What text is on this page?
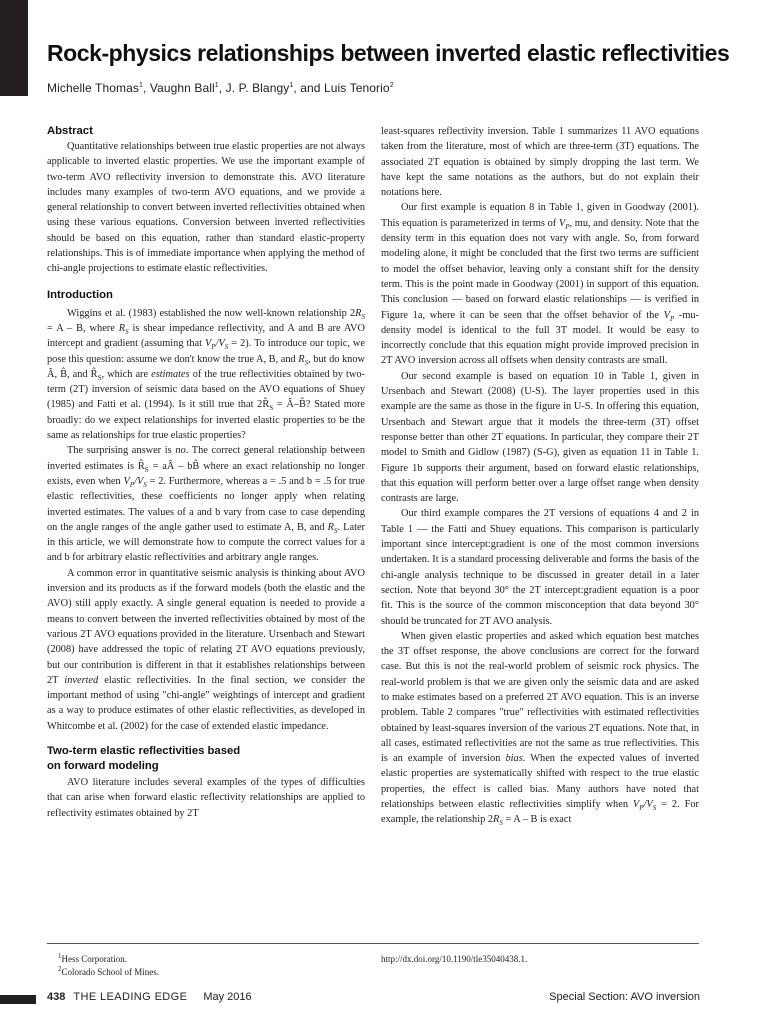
Rock-physics relationships between inverted elastic reflectivities
Michelle Thomas$^1$, Vaughn Ball$^1$, J. P. Blangy$^1$, and Luis Tenorio$^2$
Abstract

Quantitative relationships between true elastic properties are not always applicable to inverted elastic properties. We use the important example of two-term AVO reflectivity inversion to demonstrate this. AVO literature includes many examples of two-term AVO equations, and we provide a general relationship to convert between inverted reflectivities obtained when using these various equations. Conversion between inverted reflectivities should be based on this equation, rather than standard elastic-property relationships. This is of immediate importance when applying the method of chi-angle projections to estimate elastic reflectivities.

Introduction

Wiggins et al. (1983) established the now well-known relationship $2R_S = A - B$, where $R_S$ is shear impedance reflectivity, and A and B are AVO intercept and gradient (assuming that $V_P/V_S = 2$). To introduce our topic, we pose this question: assume we don't know the true A, B, and $R_S$, but do know Â, B̂, and $R̂_S$, which are estimates of the true reflectivities obtained by two-term (2T) inversion of seismic data based on the AVO equations of Shuey (1985) and Fatti et al. (1994). Is it still true that $2R̂_S$ = Â–B̂? Stated more broadly: do we expect relationships for inverted elastic properties to be the same as relationships for true elastic properties?

The surprising answer is no. The correct general relationship between inverted estimates is $R̂_S$ = aÂ – bB̂ where an exact relationship no longer exists, even when $V_P/V_S = 2$. Furthermore, whereas a = .5 and b = .5 for true elastic reflectivities, these coefficients no longer apply when relating inverted estimates. The values of a and b vary from case to case depending on the angle ranges of the angle gather used to estimate A, B, and $R_S$. Later in this article, we will demonstrate how to compute the correct values for a and b for arbitrary elastic reflectivities and arbitrary angle ranges.

A common error in quantitative seismic analysis is thinking about AVO inversion and its products as if the forward models (both the elastic and the AVO) still apply exactly. A single general equation is needed to provide a means to convert between the inverted reflectivities obtained by most of the various 2T AVO equations provided in the literature. Ursenbach and Stewart (2008) have addressed the topic of relating 2T AVO equations previously, but our contribution is different in that it establishes relationships between 2T inverted elastic reflectivities. In the final section, we consider the important method of using "chi-angle" weightings of intercept and gradient as a way to produce estimates of other elastic reflectivities, as developed in Whitcombe et al. (2002) for the case of extended elastic impedance.

Two-term elastic reflectivities based
on forward modeling

AVO literature includes several examples of the types of difficulties that can arise when forward elastic reflectivity relationships are applied to reflectivity estimates obtained by 2T

least-squares reflectivity inversion. Table 1 summarizes 11 AVO equations taken from the literature, most of which are three-term (3T) equations. The associated 2T equation is obtained by simply dropping the last term. We have kept the same notations as the authors, but do not explain their notations here.

Our first example is equation 8 in Table 1, given in Goodway (2001). This equation is parameterized in terms of $V_P$, mu, and density. Note that the density term in this equation does not vary with angle. So, from forward modeling alone, it might be concluded that the first two terms are sufficient to model the offset behavior, leaving only a constant shift for the density term. This is the point made in Goodway (2001) in support of this equation. This conclusion — based on forward elastic relationships — is verified in Figure 1a, where it can be seen that the offset behavior of the $V_P$ -mu-density model is identical to the full 3T model. It would be easy to incorrectly conclude that this equation might provide improved precision in 2T AVO inversion across all offsets when density contrasts are small.

Our second example is based on equation 10 in Table 1, given in Ursenbach and Stewart (2008) (U-S). The layer properties used in this example are the same as those in the figure in U-S. In offering this equation, Ursenbach and Stewart argue that it models the three-term (3T) offset response better than other 2T equations. In particular, they compare their 2T model to Smith and Gidlow (1987) (S-G), given as equation 11 in Table 1. Figure 1b supports their argument, based on forward elastic relationships, that this equation will perform better over a large offset range when density contrasts are large.

Our third example compares the 2T versions of equations 4 and 2 in Table 1 — the Fatti and Shuey equations. This comparison is particularly important since intercept:gradient is one of the most common inversions undertaken. It is a standard processing deliverable and forms the basis of the chi-angle analysis technique to be discussed in greater detail in a later section. Note that beyond 30° the 2T intercept:gradient equation is a poor fit. This is the source of the common misconception that data beyond 30° should be truncated for 2T AVO analysis.

When given elastic properties and asked which equation best matches the 3T offset response, the above conclusions are correct for the forward case. But this is not the real-world problem of seismic rock physics. The real-world problem is that we are given only the seismic data and are asked to make estimates based on a preferred 2T AVO equation. This is an inverse problem. Table 2 compares "true" reflectivities with estimated reflectivities obtained by least-squares inversion of the various 2T equations. Note that, in all cases, estimated reflectivities are not the same as true reflectivities. This is an example of inversion bias. When the expected values of inverted elastic properties are systematically shifted with respect to the true elastic properties, the effect is called bias. Many authors have noted that relationships between elastic reflectivities simplify when $V_P/V_S = 2$. For example, the relationship $2R_S = A - B$ is exact

$^1$Hess Corporation.
$^2$Colorado School of Mines.
http://dx.doi.org/10.1190/tle35040438.1.
438 THE LEADING EDGE May 2016	Special Section: AVO inversion
